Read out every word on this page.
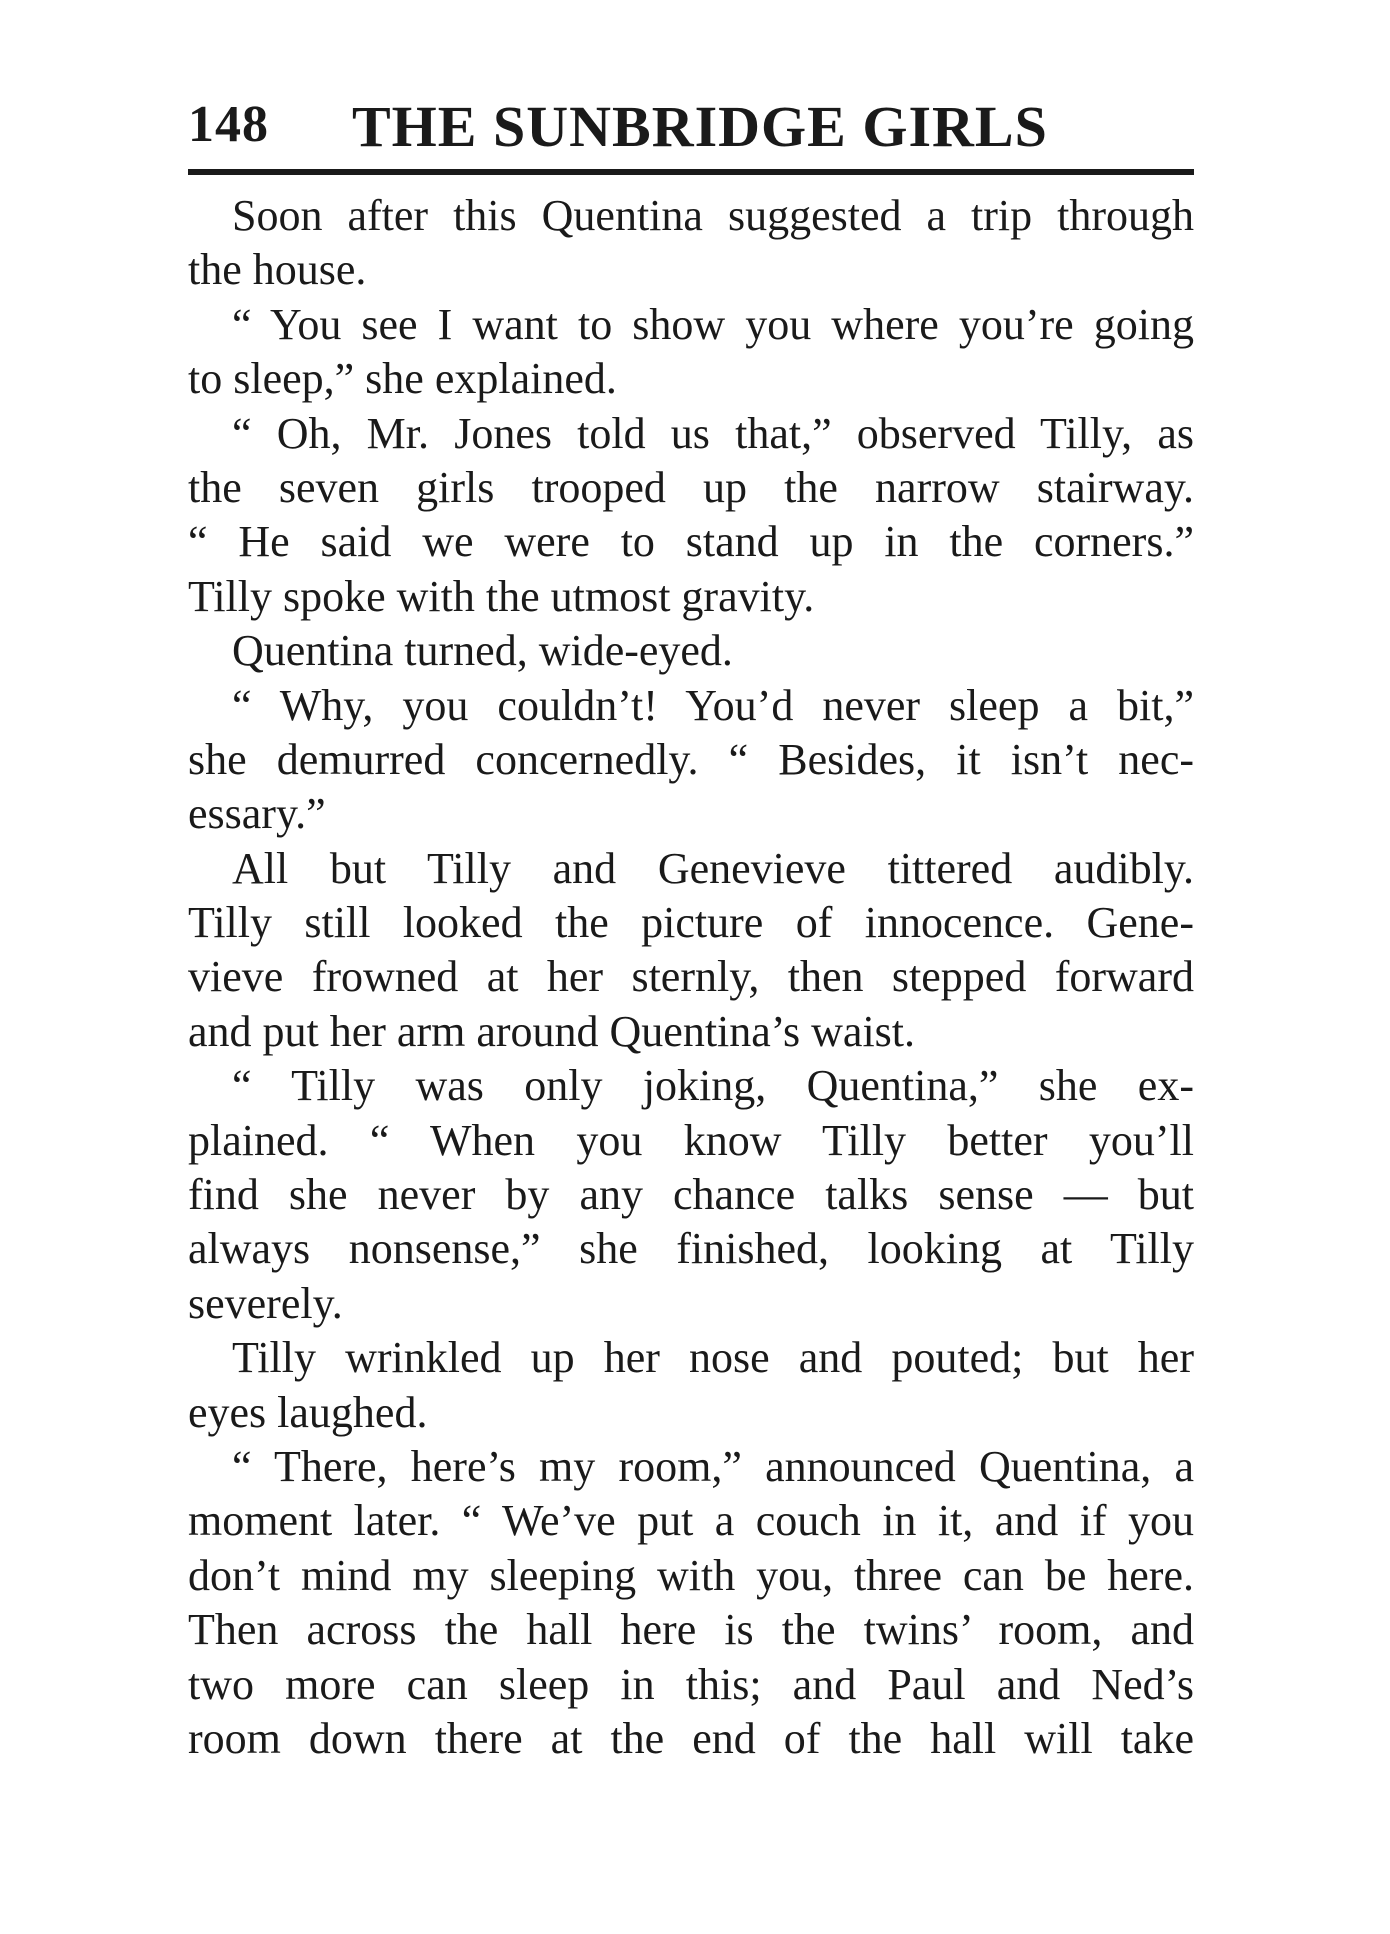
148 THE SUNBRIDGE GIRLS
Soon after this Quentina suggested a trip through
the house.
“ You see I want to show you where you’re going
to sleep,” she explained.
“ Oh, Mr. Jones told us that,” observed Tilly, as
the seven girls trooped up the narrow stairway.
“ He said we were to stand up in the corners.”
Tilly spoke with the utmost gravity.
Quentina turned, wide-eyed.
“ Why, you couldn’t! You’d never sleep a bit,”
she demurred concernedly. “ Besides, it isn’t nec-
essary.”
All but Tilly and Genevieve tittered audibly.
Tilly still looked the picture of innocence. Gene-
vieve frowned at her sternly, then stepped forward
and put her arm around Quentina’s waist.
“ Tilly was only joking, Quentina,” she ex-
plained. “ When you know Tilly better you’ll
find she never by any chance talks sense — but
always nonsense,” she finished, looking at Tilly
severely.
Tilly wrinkled up her nose and pouted; but her
eyes laughed.
“ There, here’s my room,” announced Quentina, a
moment later. “ We’ve put a couch in it, and if you
don’t mind my sleeping with you, three can be here.
Then across the hall here is the twins’ room, and
two more can sleep in this; and Paul and Ned’s
room down there at the end of the hall will take
